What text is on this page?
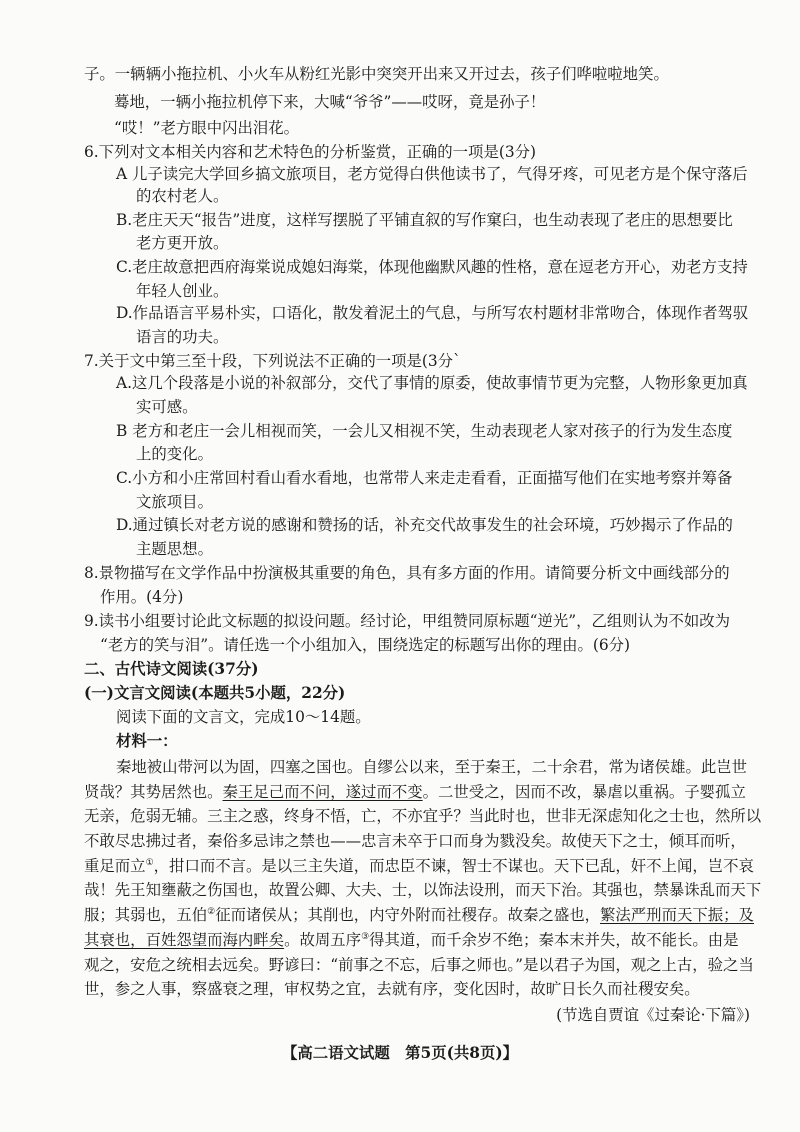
子。一辆辆小拖拉机、小火车从粉红光影中突突开出来又开过去，孩子们哗啦啦地笑。
蓦地，一辆小拖拉机停下来，大喊“爷爷”——哎呀，竟是孙子！
“哎！”老方眼中闪出泪花。
6.下列对文本相关内容和艺术特色的分析鉴赏，正确的一项是(3分)
A 儿子读完大学回乡搞文旅项目，老方觉得白供他读书了，气得牙疼，可见老方是个保守落后
的农村老人。
B.老庄天天“报告”进度，这样写摆脱了平铺直叙的写作窠臼，也生动表现了老庄的思想要比
老方更开放。
C.老庄故意把西府海棠说成媳妇海棠，体现他幽默风趣的性格，意在逗老方开心，劝老方支持
年轻人创业。
D.作品语言平易朴实，口语化，散发着泥土的气息，与所写农村题材非常吻合，体现作者驾驭
语言的功夫。
7.关于文中第三至十段，下列说法不正确的一项是(3分`
A.这几个段落是小说的补叙部分，交代了事情的原委，使故事情节更为完整，人物形象更加真
实可感。
B 老方和老庄一会儿相视而笑，一会儿又相视不笑，生动表现老人家对孩子的行为发生态度
上的变化。
C.小方和小庄常回村看山看水看地，也常带人来走走看看，正面描写他们在实地考察并筹备
文旅项目。
D.通过镇长对老方说的感谢和赞扬的话，补充交代故事发生的社会环境，巧妙揭示了作品的
主题思想。
8.景物描写在文学作品中扮演极其重要的角色，具有多方面的作用。请简要分析文中画线部分的
作用。(4分)
9.读书小组要讨论此文标题的拟设问题。经讨论，甲组赞同原标题“逆光”，乙组则认为不如改为
“老方的笑与泪”。请任选一个小组加入，围绕选定的标题写出你的理由。(6分)
二、古代诗文阅读(37分)
(一)文言文阅读(本题共5小题，22分)
阅读下面的文言文，完成10～14题。
材料一：
秦地被山带河以为固，四塞之国也。自缪公以来，至于秦王，二十余君，常为诸侯雄。此岂世
贤哉？其势居然也。秦王足己而不问，遂过而不变。二世受之，因而不改，暴虐以重祸。子婴孤立
无亲，危弱无辅。三主之惑，终身不悟，亡，不亦宜乎？当此时也，世非无深虑知化之士也，然所以
不敢尽忠拂过者，秦俗多忌讳之禁也——忠言未卒于口而身为戮没矣。故使天下之士，倾耳而听，
重足而立①，拑口而不言。是以三主失道，而忠臣不谏，智士不谋也。天下已乱，奸不上闻，岂不哀
哉！先王知壅蔽之伤国也，故置公卿、大夫、士，以饰法设刑，而天下治。其强也，禁暴诛乱而天下
服；其弱也，五伯②征而诸侯从；其削也，内守外附而社稷存。故秦之盛也，繁法严刑而天下振；及
其衰也，百姓怨望而海内畔矣。故周五序③得其道，而千余岁不绝；秦本末并失，故不能长。由是
观之，安危之统相去远矣。野谚曰：“前事之不忘，后事之师也。”是以君子为国，观之上古，验之当
世，参之人事，察盛衰之理，审权势之宜，去就有序，变化因时，故旷日长久而社稷安矣。
(节选自贾谊《过秦论·下篇》)
【高二语文试题　第5页(共8页)】
